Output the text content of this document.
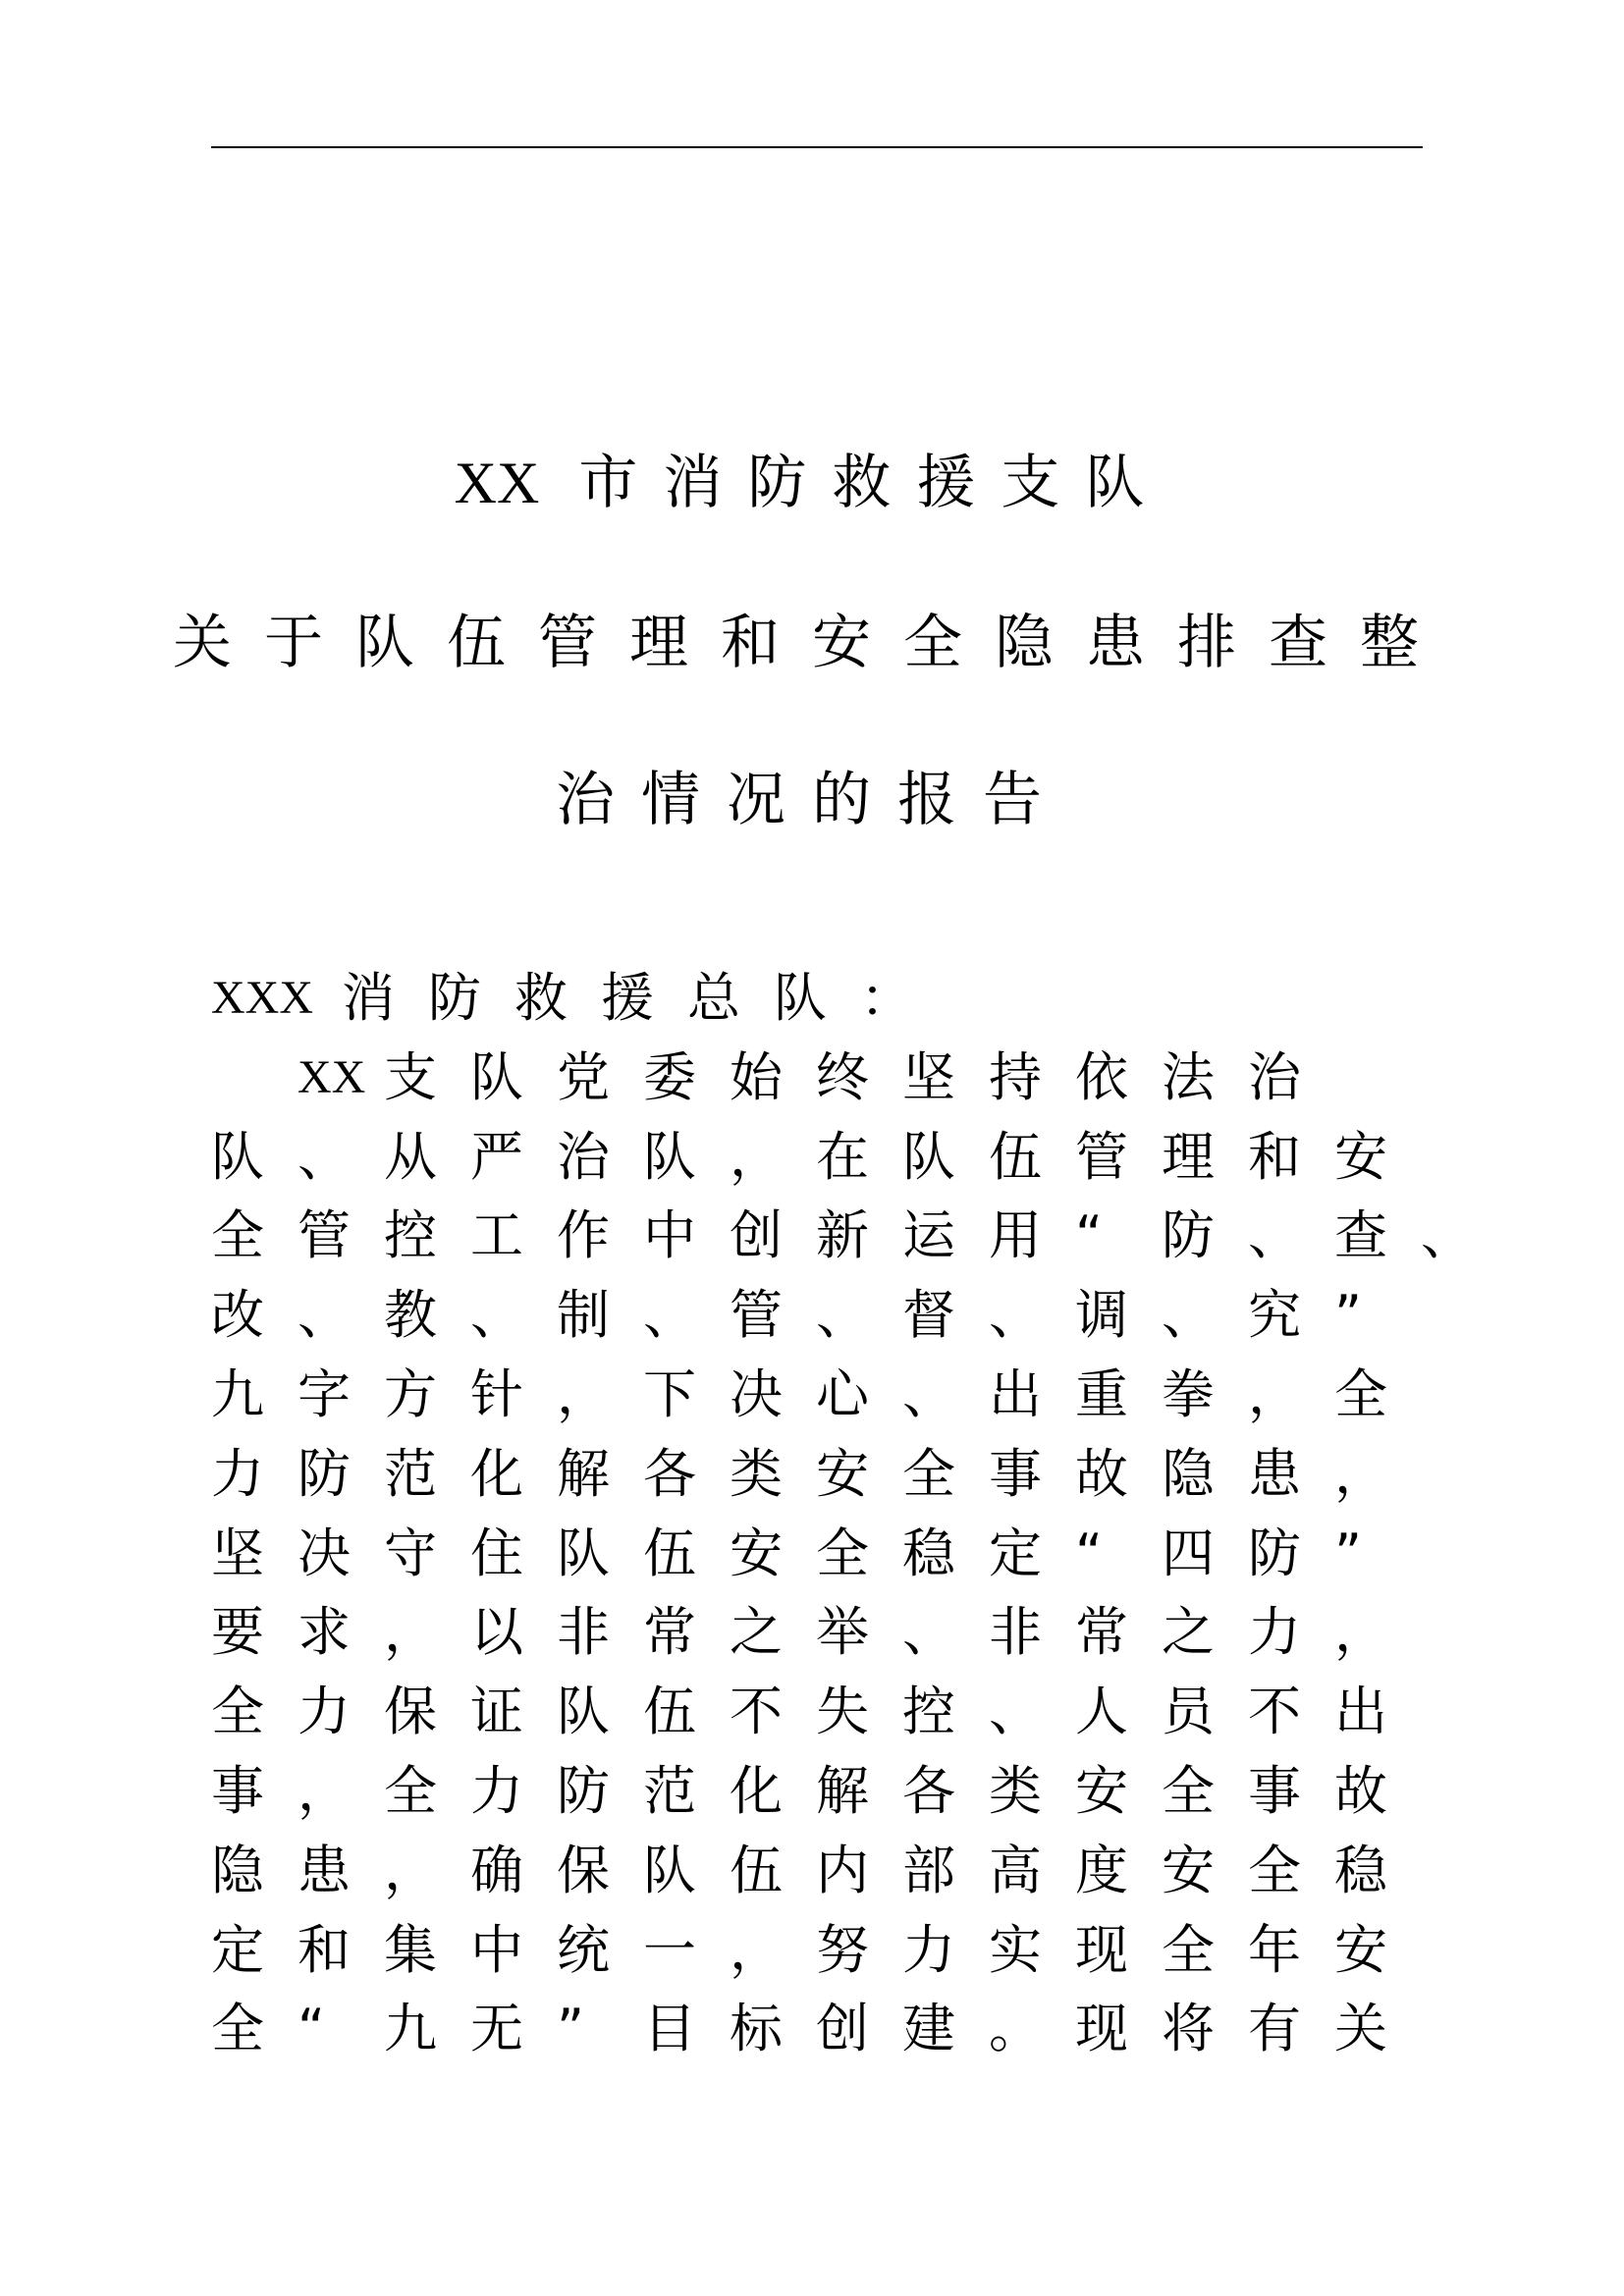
XX 市消防救援支队
关于队伍管理和安全隐患排查整
治情况的报告
XXX 消 防 救 援 总 队 ：
XX 支 队 党 委 始 终 坚 持 依 法 治
队 、 从 严 治 队 ， 在 队 伍 管 理 和 安
全 管 控 工 作 中 创 新 运 用 “ 防 、 查 、
改 、 教 、 制 、 管 、 督 、 调 、 究 ”
九 字 方 针 ， 下 决 心 、 出 重 拳 ， 全
力 防 范 化 解 各 类 安 全 事 故 隐 患 ，
坚 决 守 住 队 伍 安 全 稳 定 “ 四 防 ”
要 求 ， 以 非 常 之 举 、 非 常 之 力 ，
全 力 保 证 队 伍 不 失 控 、 人 员 不 出
事 ， 全 力 防 范 化 解 各 类 安 全 事 故
隐 患 ， 确 保 队 伍 内 部 高 度 安 全 稳
定 和 集 中 统 一 ， 努 力 实 现 全 年 安
全 “ 九 无 ” 目 标 创 建 。 现 将 有 关
